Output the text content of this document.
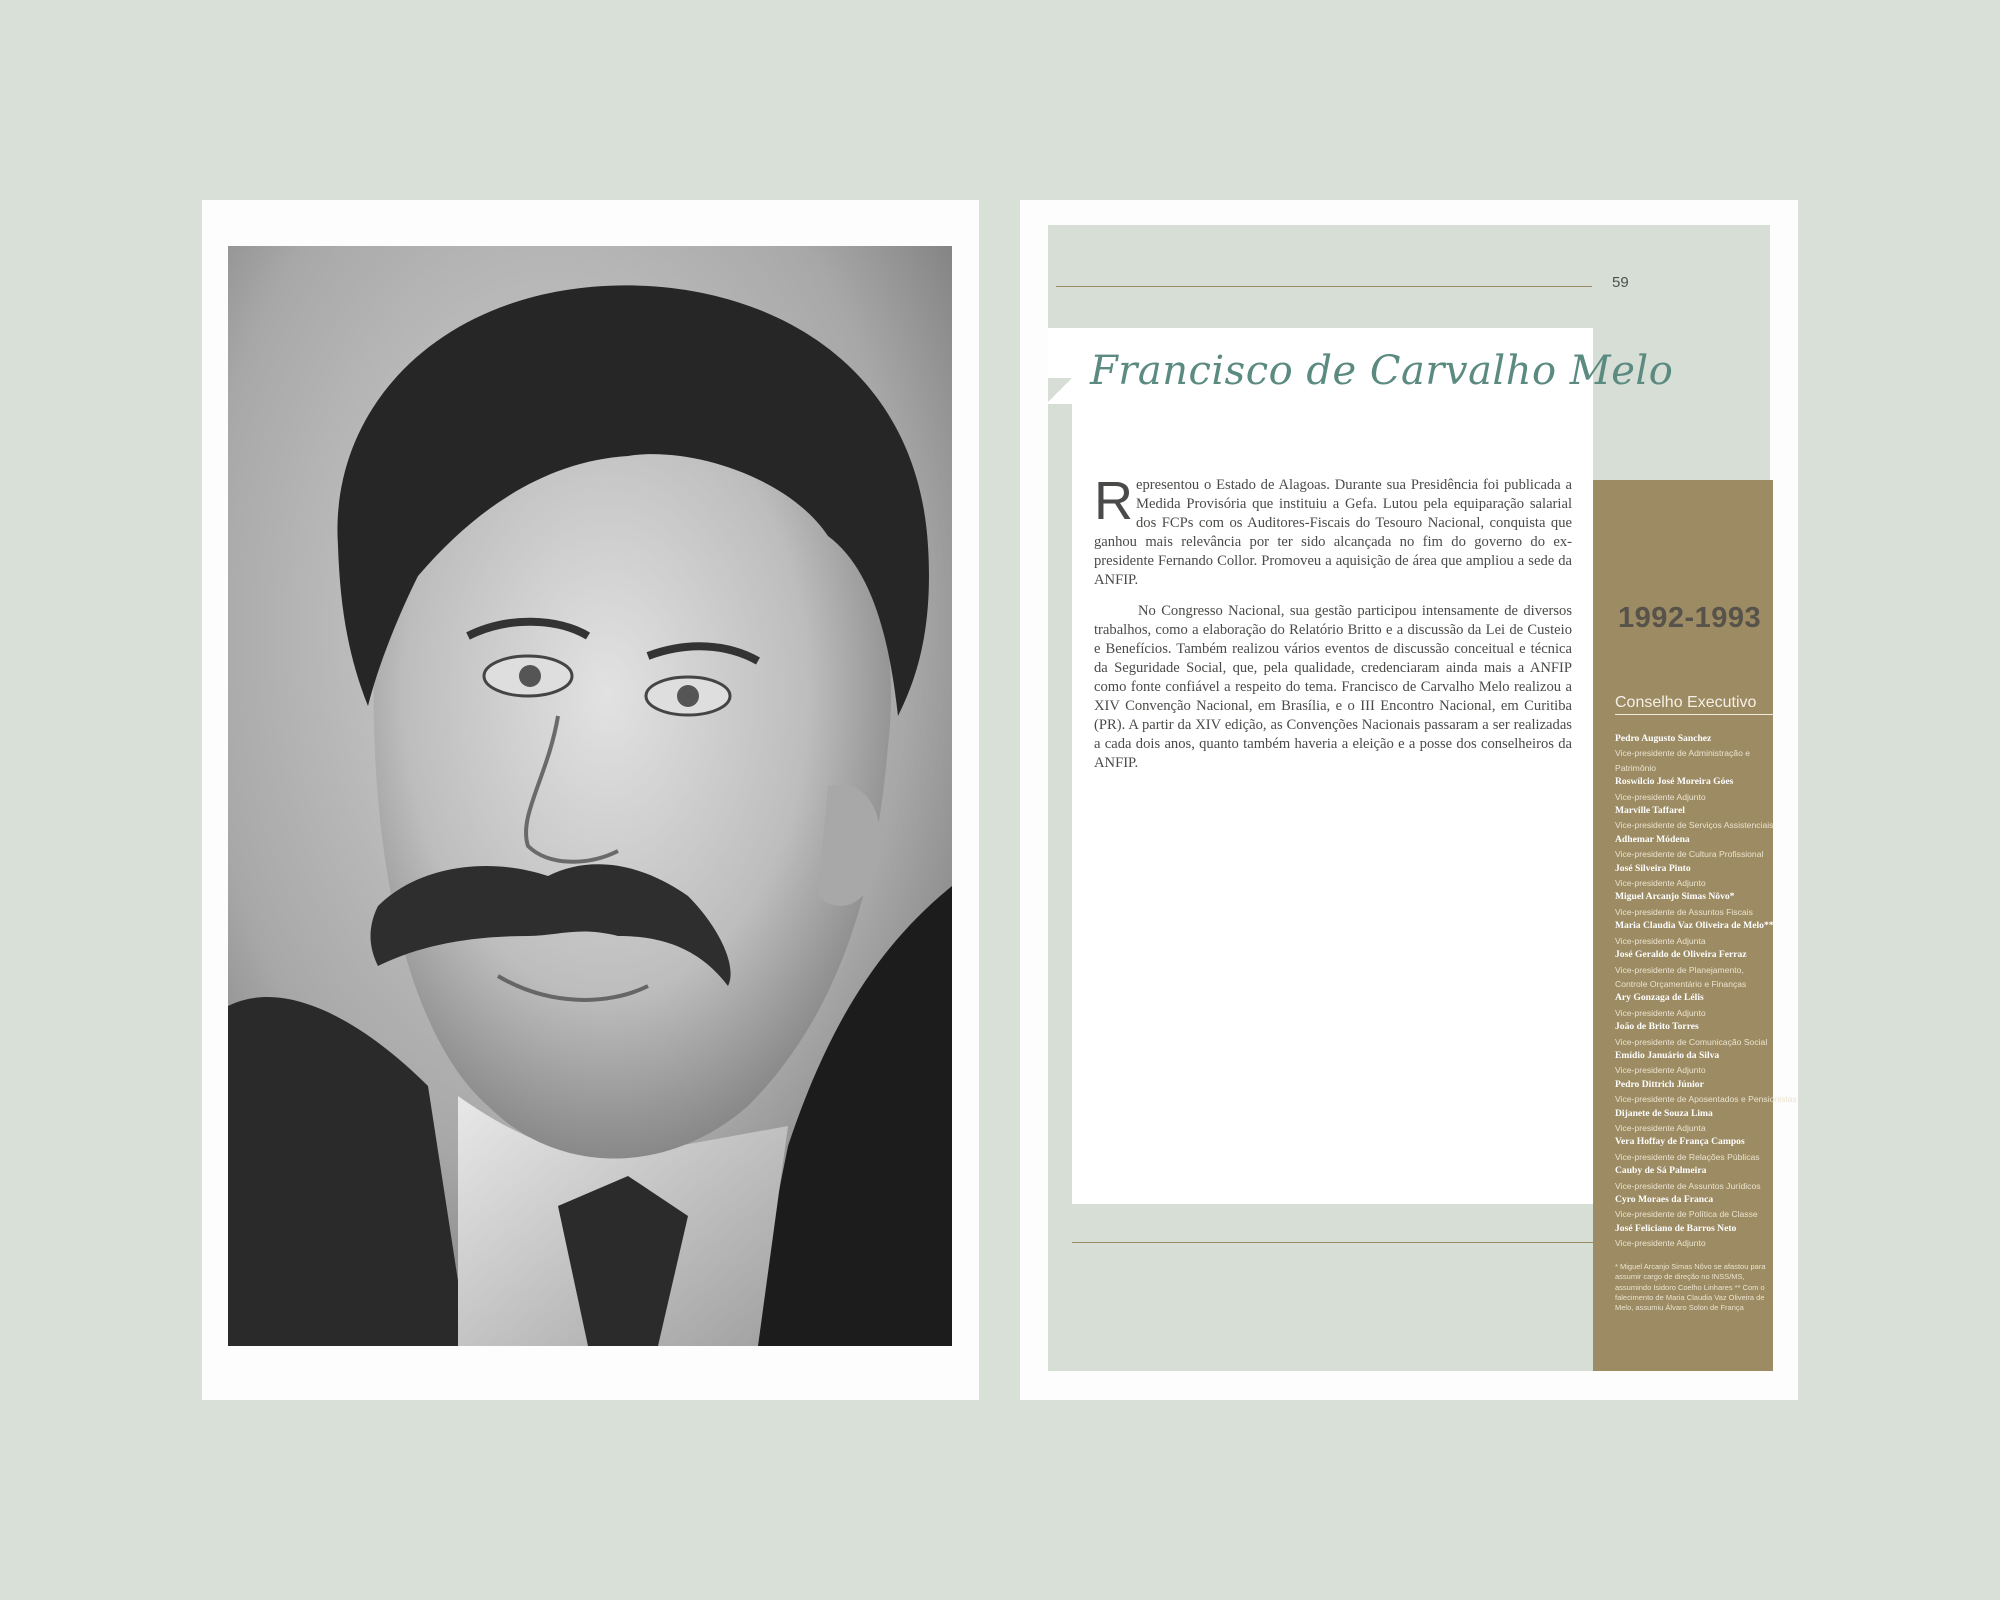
59
Francisco de Carvalho Melo

Representou o Estado de Alagoas. Durante sua Presidência foi publicada a Medida Provisória que instituiu a Gefa. Lutou pela equiparação salarial dos FCPs com os Auditores-Fiscais do Tesouro Nacional, conquista que ganhou mais relevância por ter sido alcançada no fim do governo do ex-presidente Fernando Collor. Promoveu a aquisição de área que ampliou a sede da ANFIP.

No Congresso Nacional, sua gestão participou intensamente de diversos trabalhos, como a elaboração do Relatório Britto e a discussão da Lei de Custeio e Benefícios. Também realizou vários eventos de discussão conceitual e técnica da Seguridade Social, que, pela qualidade, credenciaram ainda mais a ANFIP como fonte confiável a respeito do tema. Francisco de Carvalho Melo realizou a XIV Convenção Nacional, em Brasília, e o III Encontro Nacional, em Curitiba (PR). A partir da XIV edição, as Convenções Nacionais passaram a ser realizadas a cada dois anos, quanto também haveria a eleição e a posse dos conselheiros da ANFIP.

1992-1993
Conselho Executivo
Pedro Augusto Sanchez
Vice-presidente de Administração e
Patrimônio
Roswílcio José Moreira Góes
Vice-presidente Adjunto
Marville Taffarel
Vice-presidente de Serviços Assistenciais
Adhemar Módena
Vice-presidente de Cultura Profissional
José Silveira Pinto
Vice-presidente Adjunto
Miguel Arcanjo Simas Nôvo*
Vice-presidente de Assuntos Fiscais
Maria Claudia Vaz Oliveira de Melo**
Vice-presidente Adjunta
José Geraldo de Oliveira Ferraz
Vice-presidente de Planejamento,
Controle Orçamentário e Finanças
Ary Gonzaga de Lélis
Vice-presidente Adjunto
João de Brito Torres
Vice-presidente de Comunicação Social
Emídio Januário da Silva
Vice-presidente Adjunto
Pedro Dittrich Júnior
Vice-presidente de Aposentados e Pensionistas
Dijanete de Souza Lima
Vice-presidente Adjunta
Vera Hoffay de França Campos
Vice-presidente de Relações Públicas
Cauby de Sá Palmeira
Vice-presidente de Assuntos Jurídicos
Cyro Moraes da Franca
Vice-presidente de Política de Classe
José Feliciano de Barros Neto
Vice-presidente Adjunto
* Miguel Arcanjo Simas Nôvo se afastou para assumir cargo de direção no INSS/MS, assumindo Isidoro Coelho Linhares ** Com o falecimento de Maria Claudia Vaz Oliveira de Melo, assumiu Álvaro Solon de França
